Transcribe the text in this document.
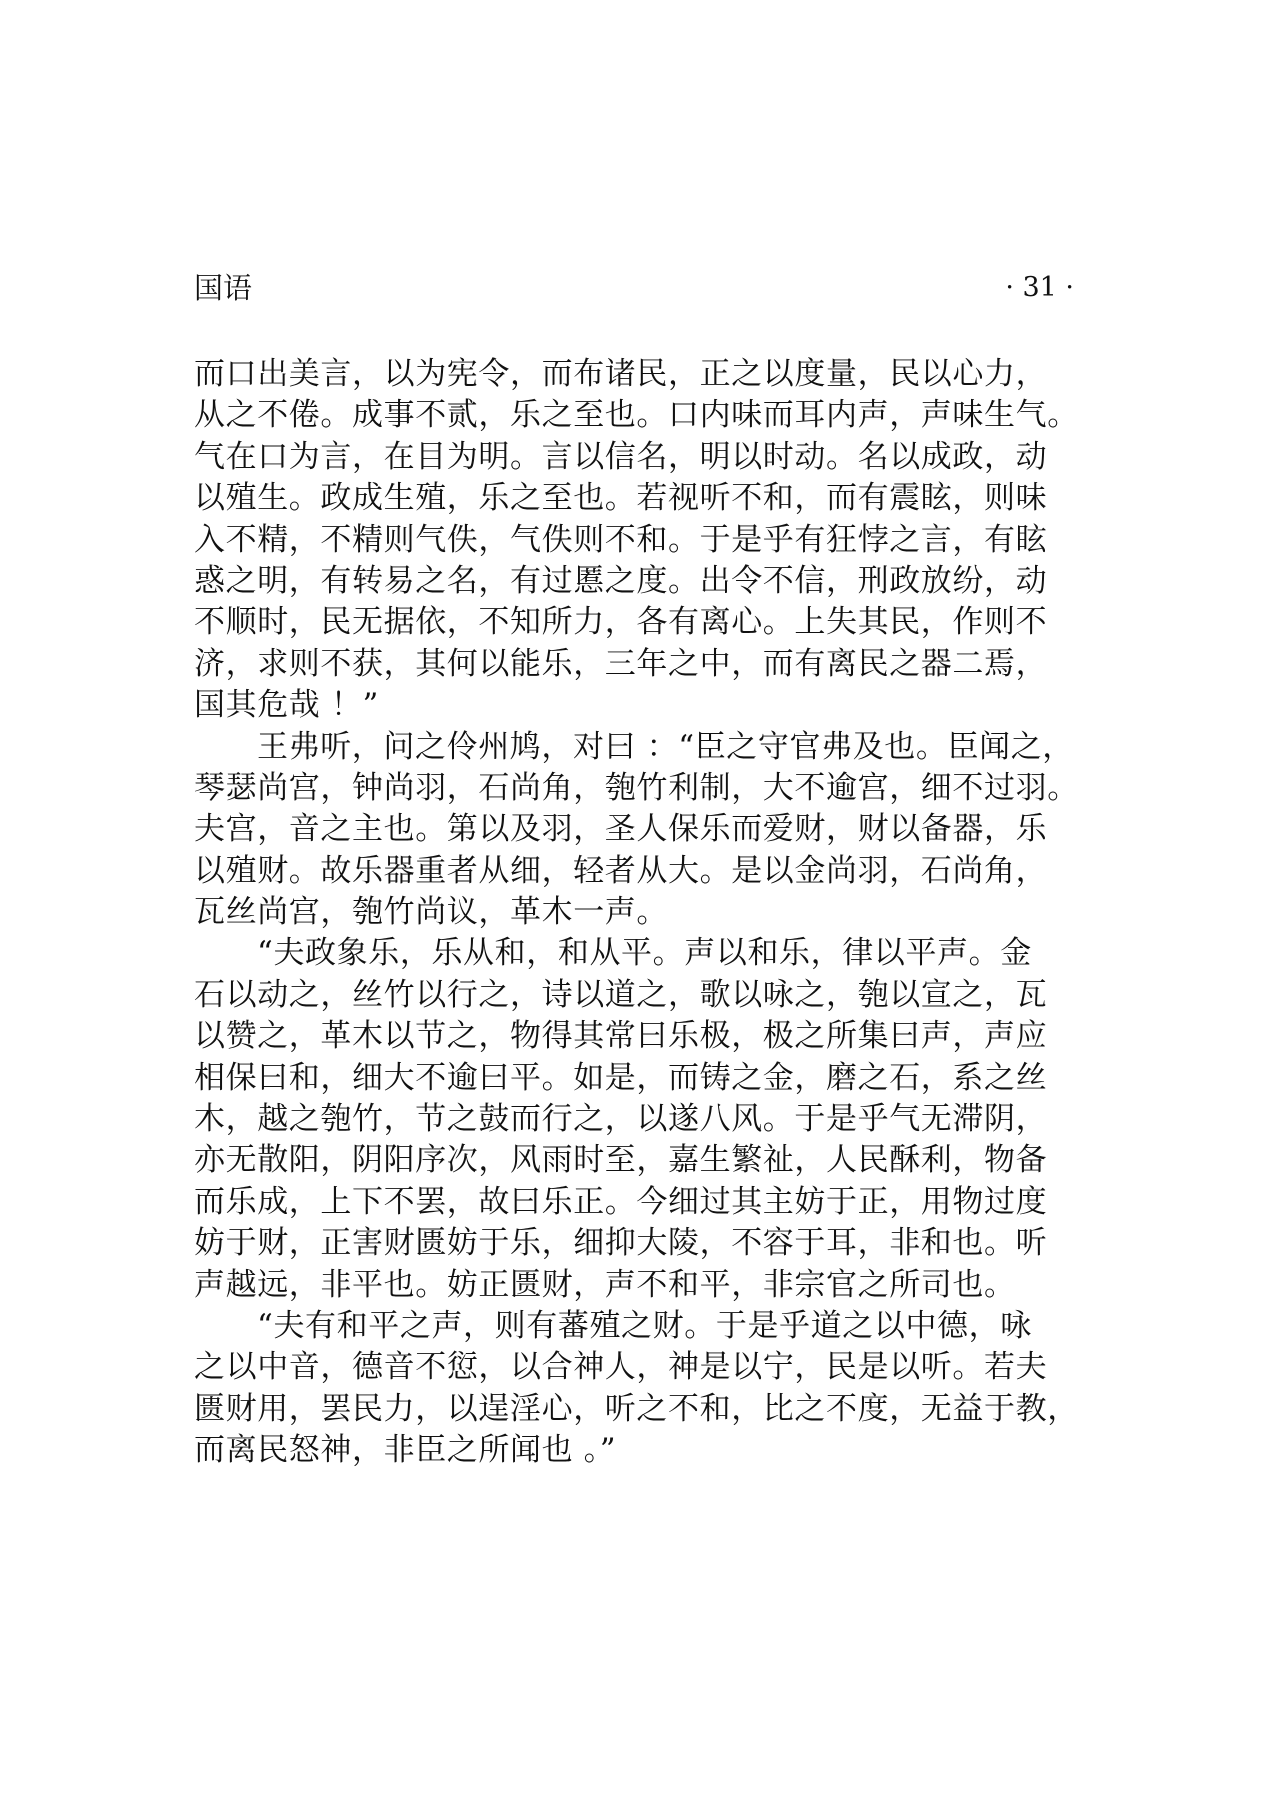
国语	· 31 ·
而口出美言，以为宪令，而布诸民，正之以度量，民以心力，
从之不倦。成事不贰，乐之至也。口内味而耳内声，声味生气。
气在口为言，在目为明。言以信名，明以时动。名以成政，动
以殖生。政成生殖，乐之至也。若视听不和，而有震眩，则味
入不精，不精则气佚，气佚则不和。于是乎有狂悖之言，有眩
惑之明，有转易之名，有过慝之度。出令不信，刑政放纷，动
不顺时，民无据依，不知所力，各有离心。上失其民，作则不
济，求则不获，其何以能乐，三年之中，而有离民之器二焉，
国其危哉 ！”
王弗听，问之伶州鸠，对曰 ：“臣之守官弗及也。臣闻之，
琴瑟尚宫，钟尚羽，石尚角，匏竹利制，大不逾宫，细不过羽。
夫宫，音之主也。第以及羽，圣人保乐而爱财，财以备器，乐
以殖财。故乐器重者从细，轻者从大。是以金尚羽，石尚角，
瓦丝尚宫，匏竹尚议，革木一声。
“夫政象乐，乐从和，和从平。声以和乐，律以平声。金
石以动之，丝竹以行之，诗以道之，歌以咏之，匏以宣之，瓦
以赞之，革木以节之，物得其常曰乐极，极之所集曰声，声应
相保曰和，细大不逾曰平。如是，而铸之金，磨之石，系之丝
木，越之匏竹，节之鼓而行之，以遂八风。于是乎气无滞阴，
亦无散阳，阴阳序次，风雨时至，嘉生繁祉，人民酥利，物备
而乐成，上下不罢，故曰乐正。今细过其主妨于正，用物过度
妨于财，正害财匮妨于乐，细抑大陵，不容于耳，非和也。听
声越远，非平也。妨正匮财，声不和平，非宗官之所司也。
“夫有和平之声，则有蕃殖之财。于是乎道之以中德，咏
之以中音，德音不愆，以合神人，神是以宁，民是以听。若夫
匮财用，罢民力，以逞淫心，听之不和，比之不度，无益于教，
而离民怒神，非臣之所闻也 。”
